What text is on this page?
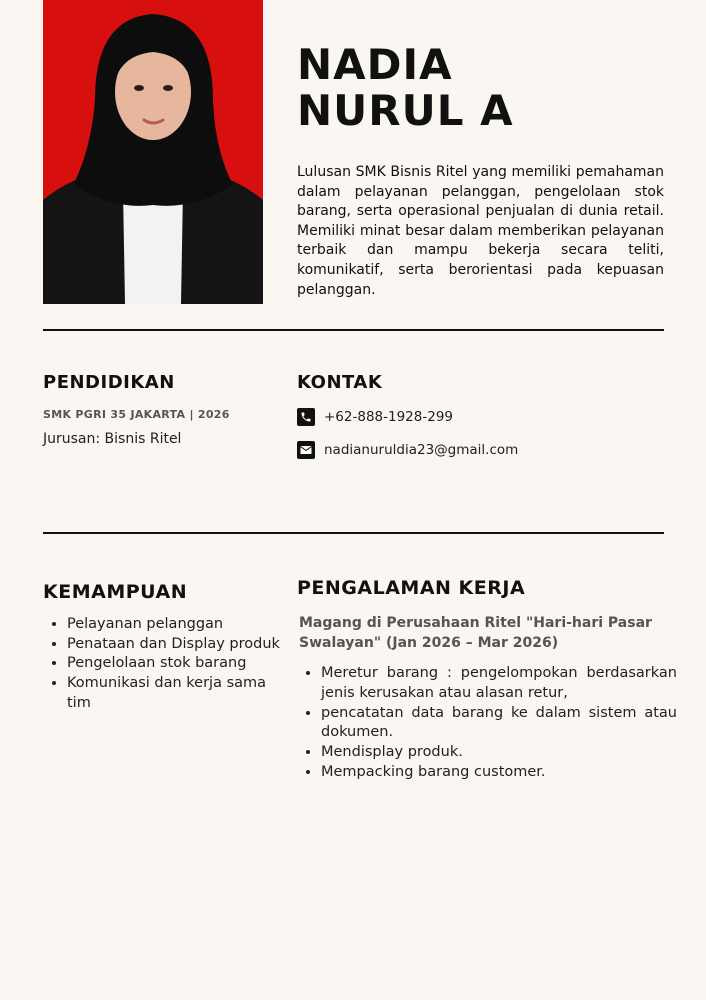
NADIA
NURUL A
Lulusan SMK Bisnis Ritel yang memiliki pemahaman dalam pelayanan pelanggan, pengelolaan stok barang, serta operasional penjualan di dunia retail. Memiliki minat besar dalam memberikan pelayanan terbaik dan mampu bekerja secara teliti, komunikatif, serta berorientasi pada kepuasan pelanggan.
PENDIDIKAN
SMK PGRI 35 JAKARTA | 2026
Jurusan: Bisnis Ritel
KONTAK
+62-888-1928-299
nadianuruldia23@gmail.com
KEMAMPUAN
• Pelayanan pelanggan
• Penataan dan Display produk
• Pengelolaan stok barang
• Komunikasi dan kerja sama tim
PENGALAMAN KERJA
Magang di Perusahaan Ritel "Hari-hari Pasar Swalayan" (Jan 2026 – Mar 2026)
• Meretur barang : pengelompokan berdasarkan jenis kerusakan atau alasan retur,
• pencatatan data barang ke dalam sistem atau dokumen.
• Mendisplay produk.
• Mempacking barang customer.
